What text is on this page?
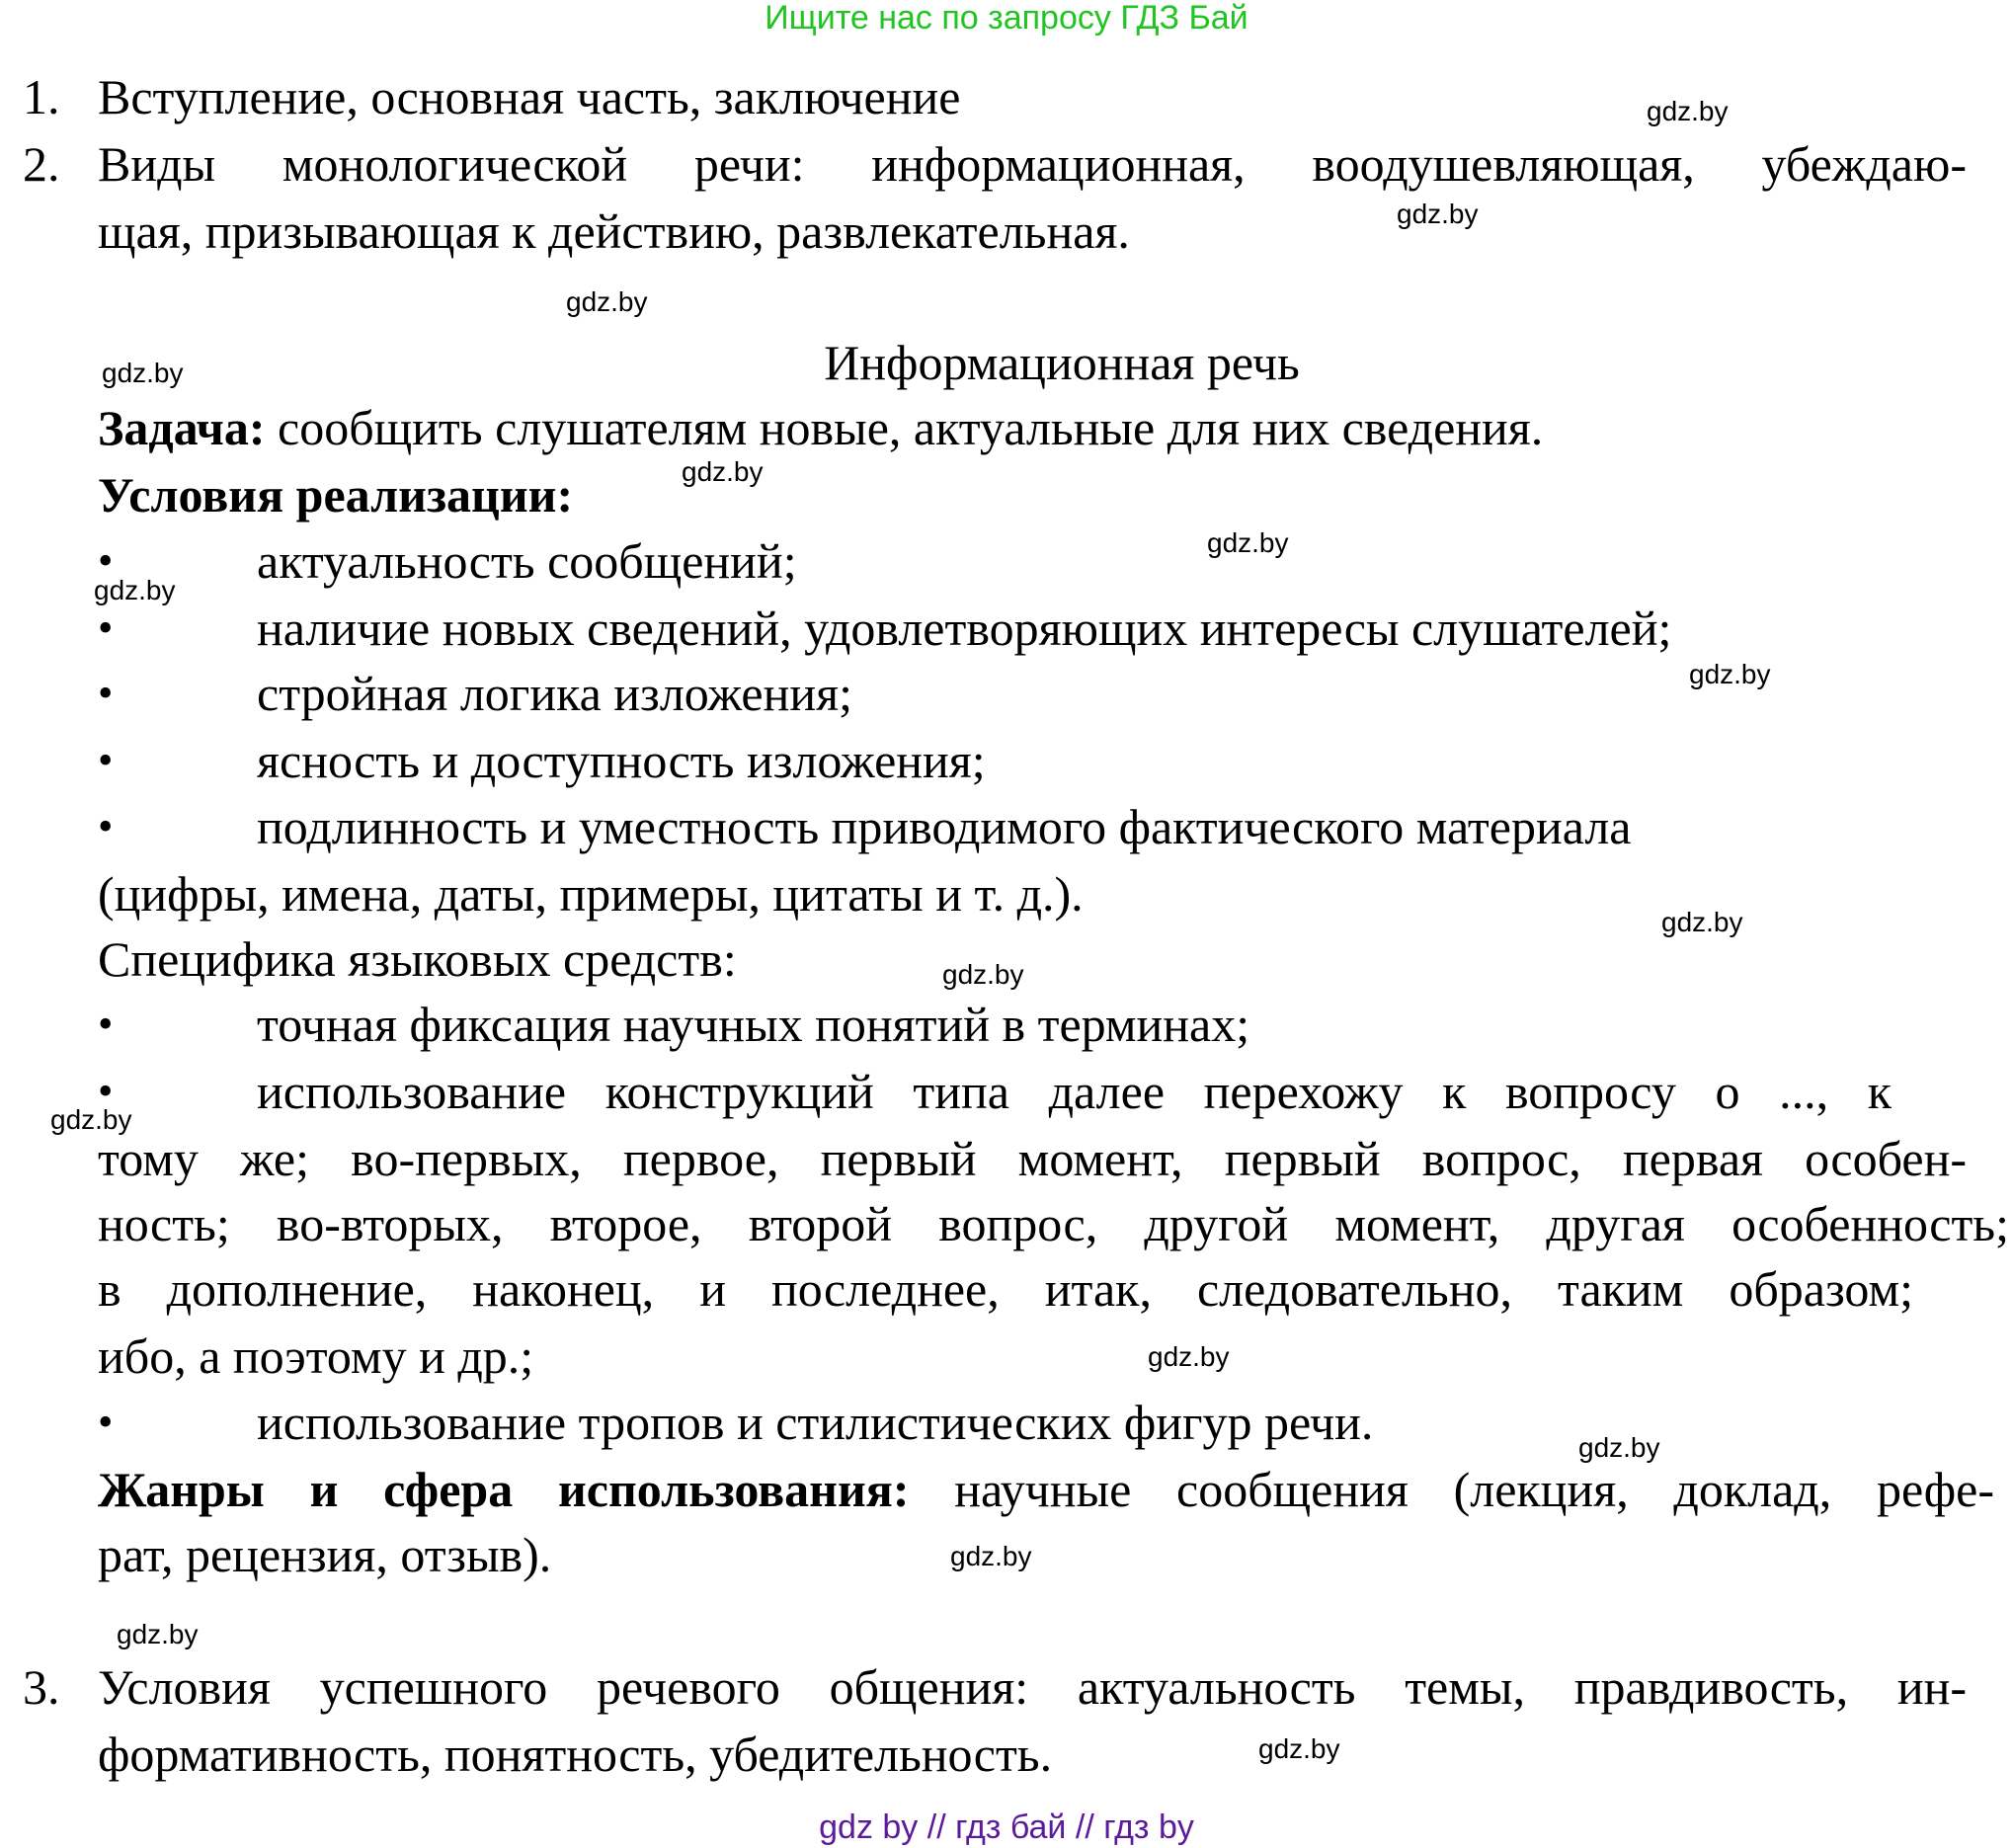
Ищите нас по запросу ГДЗ Бай
1. Вступление, основная часть, заключение
2. Виды монологической речи: информационная, воодушевляющая, убеждаю-
щая, призывающая к действию, развлекательная.
Информационная речь
Задача: сообщить слушателям новые, актуальные для них сведения.
Условия реализации:
•	актуальность сообщений;
•	наличие новых сведений, удовлетворяющих интересы слушателей;
•	стройная логика изложения;
•	ясность и доступность изложения;
•	подлинность и уместность приводимого фактического материала
(цифры, имена, даты, примеры, цитаты и т. д.).
Специфика языковых средств:
•	точная фиксация научных понятий в терминах;
•	использование конструкций типа далее перехожу к вопросу о ..., к
тому же; во-первых, первое, первый момент, первый вопрос, первая особен-
ность; во-вторых, второе, второй вопрос, другой момент, другая особенность;
в дополнение, наконец, и последнее, итак, следовательно, таким образом;
ибо, а поэтому и др.;
•	использование тропов и стилистических фигур речи.
Жанры и сфера использования: научные сообщения (лекция, доклад, рефе-
рат, рецензия, отзыв).
3. Условия успешного речевого общения: актуальность темы, правдивость, ин-
формативность, понятность, убедительность.
gdz.by
gdz.by
gdz.by
gdz.by
gdz.by
gdz.by
gdz.by
gdz.by
gdz.by
gdz.by
gdz.by
gdz.by
gdz.by
gdz.by
gdz.by
gdz.by
gdz by // гдз бай // гдз by
